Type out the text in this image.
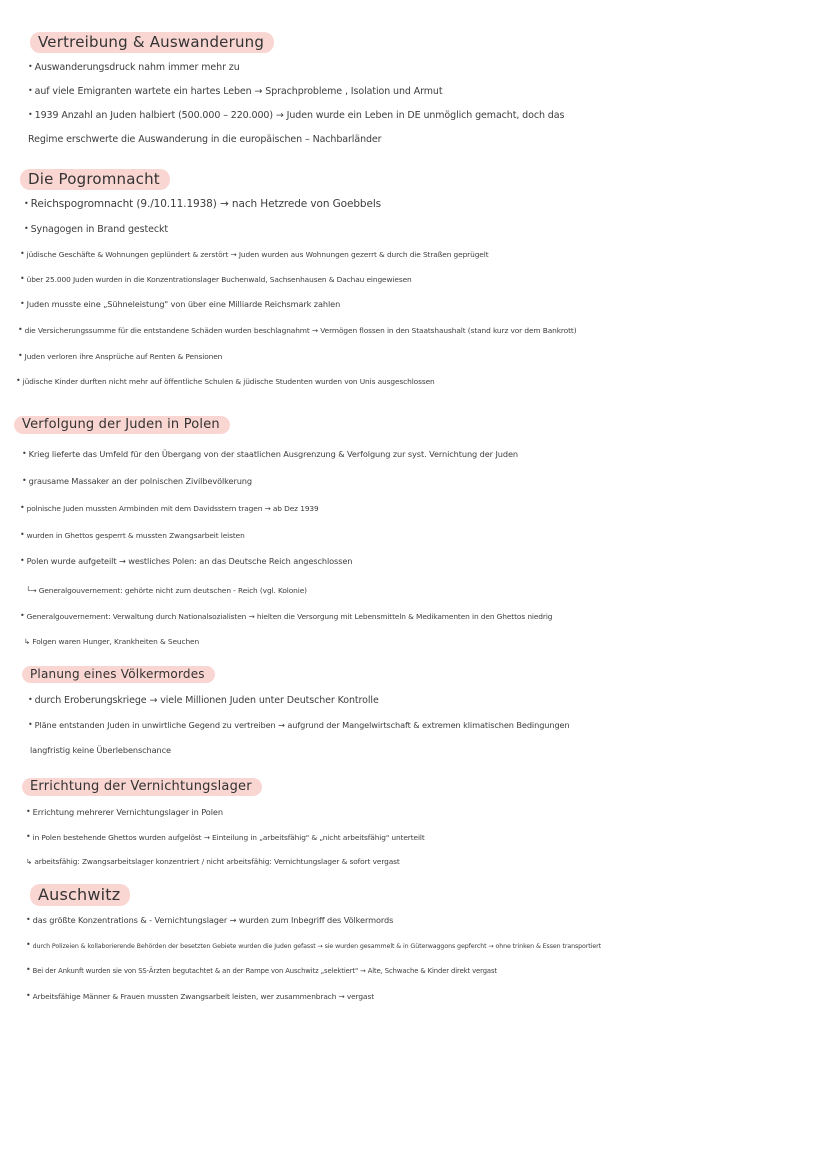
Vertreibung & Auswanderung
• Auswanderungsdruck nahm immer mehr zu
• auf viele Emigranten wartete ein hartes Leben → Sprachprobleme , Isolation und Armut
• 1939 Anzahl an Juden halbiert (500.000 – 220.000) → Juden wurde ein Leben in DE unmöglich gemacht, doch das
Regime erschwerte die Auswanderung in die europäischen – Nachbarländer
Die Pogromnacht
• Reichspogromnacht (9./10.11.1938) → nach Hetzrede von Goebbels
• Synagogen in Brand gesteckt
• jüdische Geschäfte & Wohnungen geplündert & zerstört → Juden wurden aus Wohnungen gezerrt & durch die Straßen geprügelt
• über 25.000 Juden wurden in die Konzentrationslager Buchenwald, Sachsenhausen & Dachau eingewiesen
• Juden musste eine „Sühneleistung" von über eine Milliarde Reichsmark zahlen
• die Versicherungssumme für die entstandene Schäden wurden beschlagnahmt → Vermögen flossen in den Staatshaushalt (stand kurz vor dem Bankrott)
• Juden verloren ihre Ansprüche auf Renten & Pensionen
• jüdische Kinder durften nicht mehr auf öffentliche Schulen & jüdische Studenten wurden von Unis ausgeschlossen
Verfolgung der Juden in Polen
• Krieg lieferte das Umfeld für den Übergang von der staatlichen Ausgrenzung & Verfolgung zur syst. Vernichtung der Juden
• grausame Massaker an der polnischen Zivilbevölkerung
• polnische Juden mussten Armbinden mit dem Davidsstern tragen → ab Dez 1939
• wurden in Ghettos gesperrt & mussten Zwangsarbeit leisten
• Polen wurde aufgeteilt → westliches Polen: an das Deutsche Reich angeschlossen
└→ Generalgouvernement: gehörte nicht zum deutschen - Reich (vgl. Kolonie)
• Generalgouvernement: Verwaltung durch Nationalsozialisten → hielten die Versorgung mit Lebensmitteln & Medikamenten in den Ghettos niedrig
↳ Folgen waren Hunger, Krankheiten & Seuchen
Planung eines Völkermordes
• durch Eroberungskriege → viele Millionen Juden unter Deutscher Kontrolle
• Pläne entstanden Juden in unwirtliche Gegend zu vertreiben → aufgrund der Mangelwirtschaft & extremen klimatischen Bedingungen
langfristig keine Überlebenschance
Errichtung der Vernichtungslager
• Errichtung mehrerer Vernichtungslager in Polen
• in Polen bestehende Ghettos wurden aufgelöst → Einteilung in „arbeitsfähig" & „nicht arbeitsfähig" unterteilt
↳ arbeitsfähig: Zwangsarbeitslager konzentriert / nicht arbeitsfähig: Vernichtungslager & sofort vergast
Auschwitz
• das größte Konzentrations & - Vernichtungslager → wurden zum Inbegriff des Völkermords
• durch Polizeien & kollaborierende Behörden der besetzten Gebiete wurden die Juden gefasst → sie wurden gesammelt & in Güterwaggons gepfercht → ohne trinken & Essen transportiert
• Bei der Ankunft wurden sie von SS-Ärzten begutachtet & an der Rampe von Auschwitz „selektiert" → Alte, Schwache & Kinder direkt vergast
• Arbeitsfähige Männer & Frauen mussten Zwangsarbeit leisten, wer zusammenbrach → vergast
